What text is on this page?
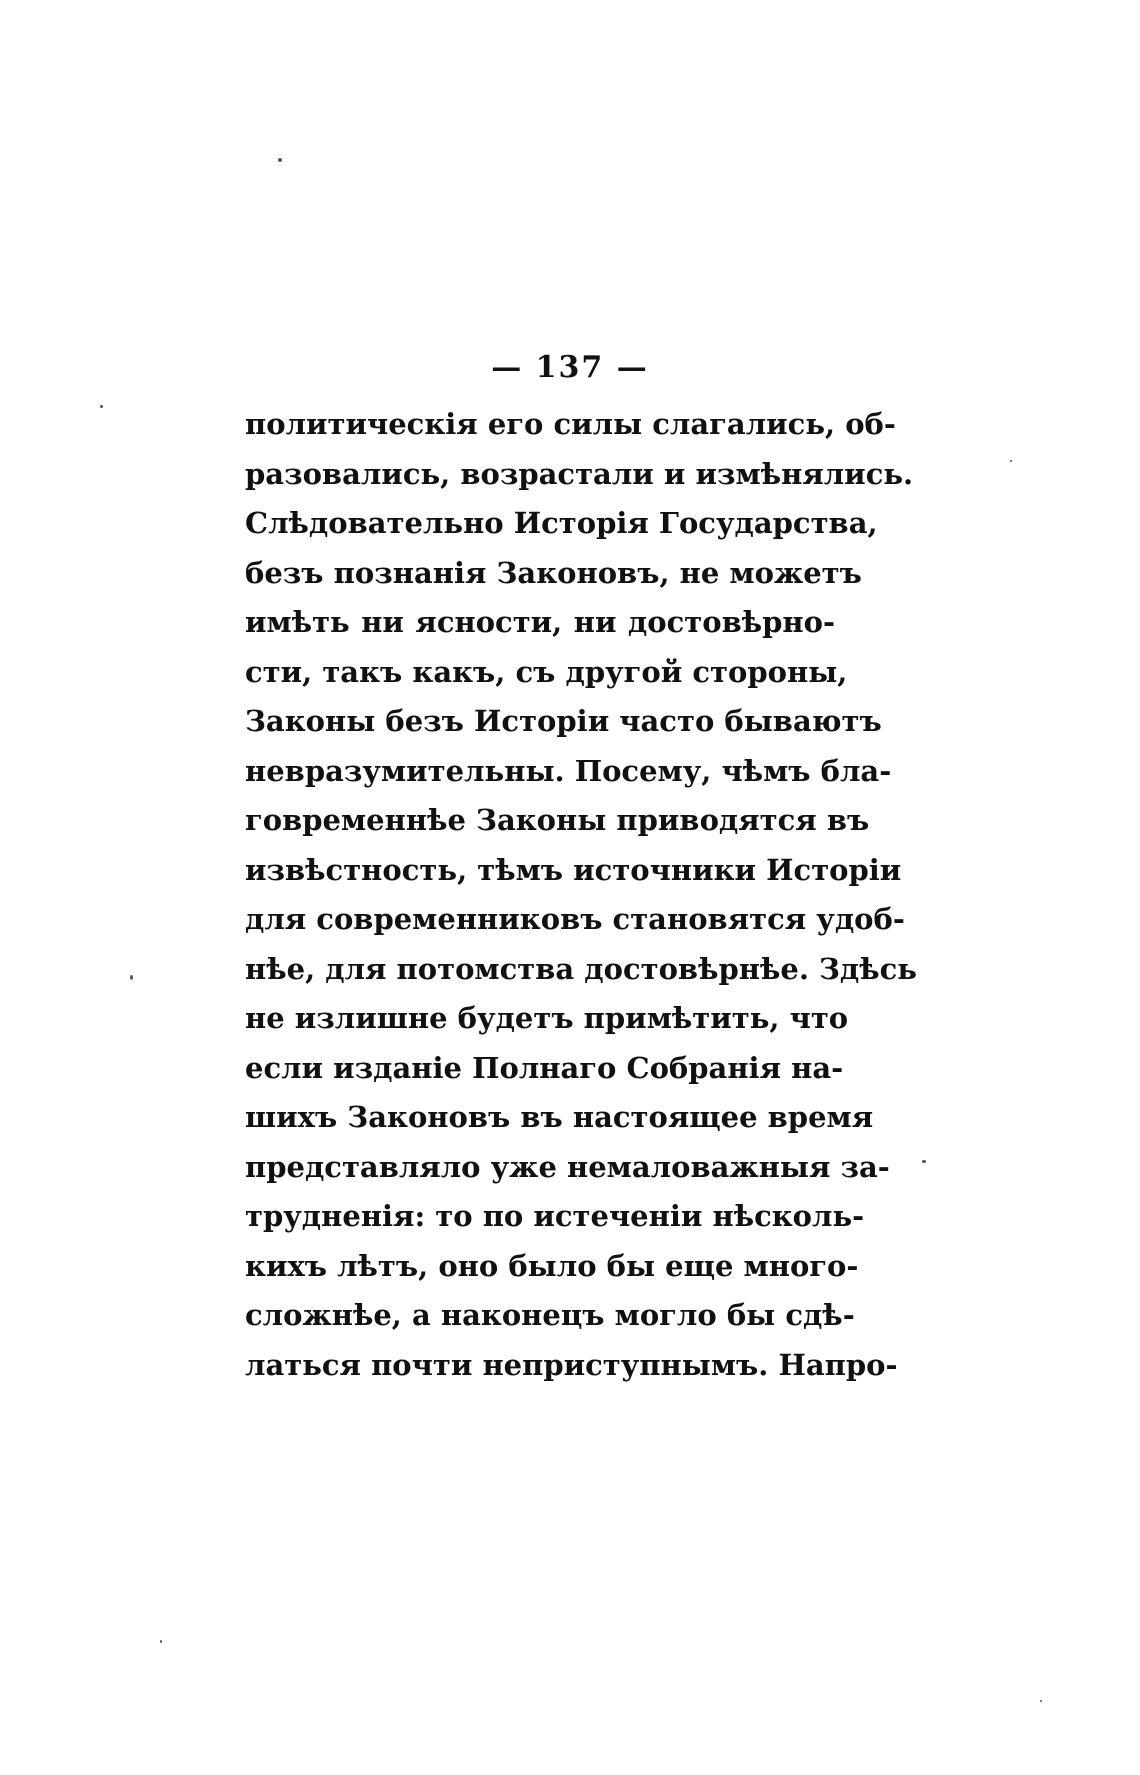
— 137 —
политическія его силы слагались, об-
разовались, возрастали и измѣнялись.
Слѣдовательно Исторія Государства,
безъ познанія Законовъ, не можетъ
имѣть ни ясности, ни достовѣрно-
сти, такъ какъ, съ другой стороны,
Законы безъ Исторіи часто бываютъ
невразумительны. Посему, чѣмъ бла-
говременнѣе Законы приводятся въ
извѣстность, тѣмъ источники Исторіи
для современниковъ становятся удоб-
нѣе, для потомства достовѣрнѣе. Здѣсь
не излишне будетъ примѣтить, что
если изданіе Полнаго Собранія на-
шихъ Законовъ въ настоящее время
представляло уже немаловажныя за-
трудненія: то по истеченіи нѣсколь-
кихъ лѣтъ, оно было бы еще много-
сложнѣе, а наконецъ могло бы сдѣ-
латься почти неприступнымъ. Напро-
